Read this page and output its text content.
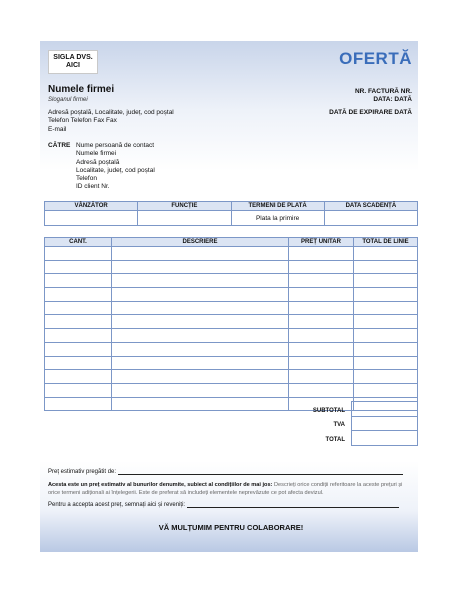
SIGLA DVS.
AICI	OFERTĂ
Numele firmei
Sloganul firmei
Adresă poștală, Localitate, județ, cod poștal
Telefon Telefon Fax Fax
E-mail
NR. FACTURĂ NR.
DATA: DATĂ
DATĂ DE EXPIRARE DATĂ
CĂTRE Nume persoană de contact
Numele firmei
Adresă poștală
Localitate, județ, cod poștal
Telefon
ID client Nr.
VÂNZĂTOR	FUNCȚIE	TERMENI DE PLATĂ	DATA SCADENȚĂ
		Plata la primire	
CANT.	DESCRIERE	PREȚ UNITAR	TOTAL DE LINIE

SUBTOTAL
TVA
TOTAL

Preț estimativ pregătit de:
Acesta este un preț estimativ al bunurilor denumite, subiect al condițiilor de mai jos: Descrieți orice condiții referitoare la aceste prețuri și orice termeni adiționali ai înțelegerii. Este de preferat să includeți elementele neprevăzute ce pot afecta devizul.
Pentru a accepta acest preț, semnați aici și reveniți:
VĂ MULȚUMIM PENTRU COLABORARE!
